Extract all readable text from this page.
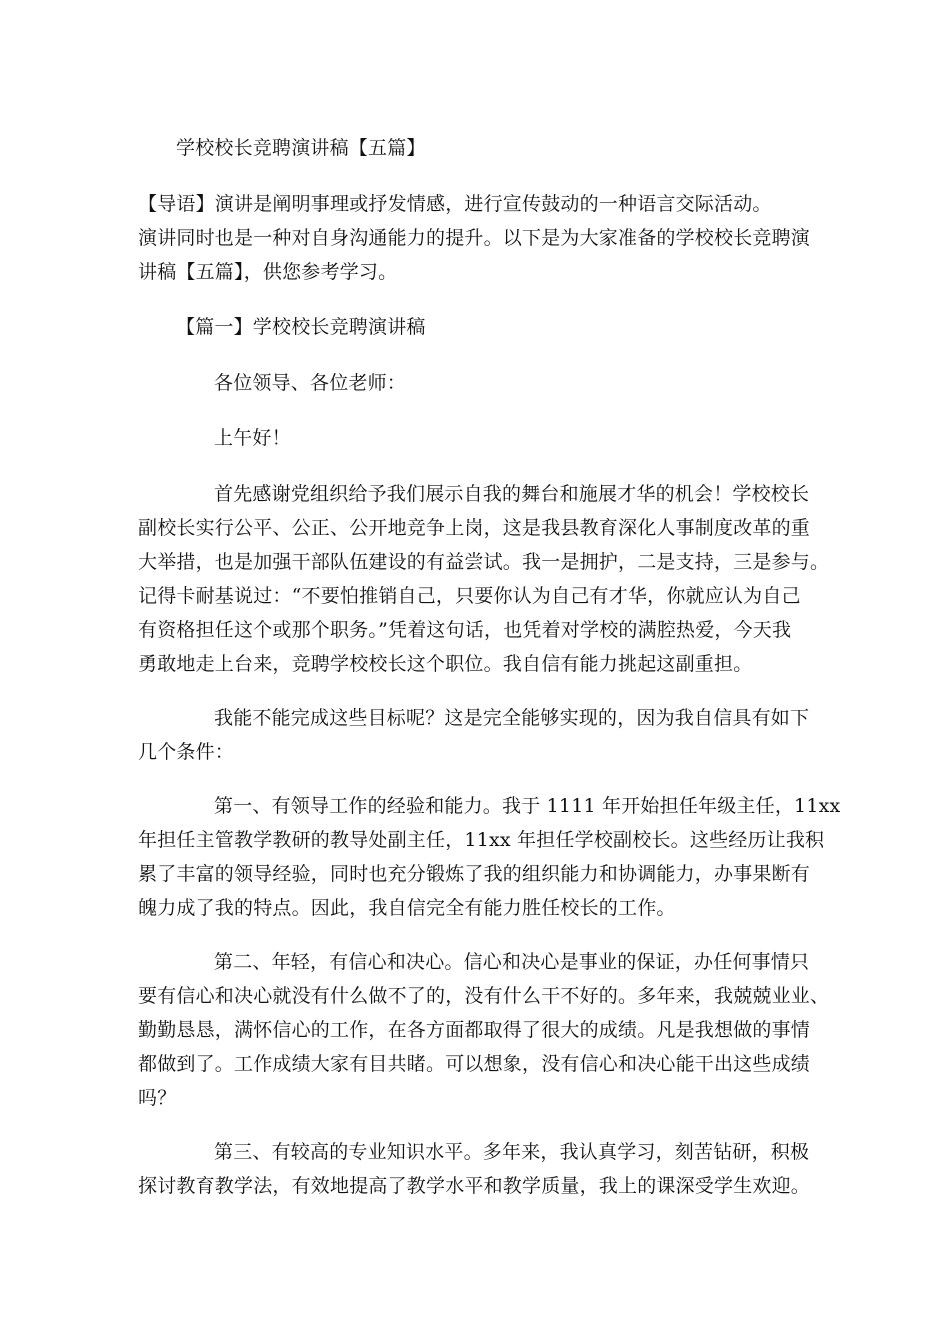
学校校长竞聘演讲稿【五篇】
【导语】演讲是阐明事理或抒发情感，进行宣传鼓动的一种语言交际活动。
演讲同时也是一种对自身沟通能力的提升。以下是为大家准备的学校校长竞聘演
讲稿【五篇】，供您参考学习。
【篇一】学校校长竞聘演讲稿
各位领导、各位老师：
上午好！
首先感谢党组织给予我们展示自我的舞台和施展才华的机会！学校校长
副校长实行公平、公正、公开地竞争上岗，这是我县教育深化人事制度改革的重
大举措，也是加强干部队伍建设的有益尝试。我一是拥护，二是支持，三是参与。
记得卡耐基说过：“不要怕推销自己，只要你认为自己有才华，你就应认为自己
有资格担任这个或那个职务。”凭着这句话，也凭着对学校的满腔热爱，今天我
勇敢地走上台来，竞聘学校校长这个职位。我自信有能力挑起这副重担。
我能不能完成这些目标呢？这是完全能够实现的，因为我自信具有如下
几个条件：
第一、有领导工作的经验和能力。我于 1111 年开始担任年级主任，11xx
年担任主管教学教研的教导处副主任，11xx 年担任学校副校长。这些经历让我积
累了丰富的领导经验，同时也充分锻炼了我的组织能力和协调能力，办事果断有
魄力成了我的特点。因此，我自信完全有能力胜任校长的工作。
第二、年轻，有信心和决心。信心和决心是事业的保证，办任何事情只
要有信心和决心就没有什么做不了的，没有什么干不好的。多年来，我兢兢业业、
勤勤恳恳，满怀信心的工作，在各方面都取得了很大的成绩。凡是我想做的事情
都做到了。工作成绩大家有目共睹。可以想象，没有信心和决心能干出这些成绩
吗？
第三、有较高的专业知识水平。多年来，我认真学习，刻苦钻研，积极
探讨教育教学法，有效地提高了教学水平和教学质量，我上的课深受学生欢迎。
